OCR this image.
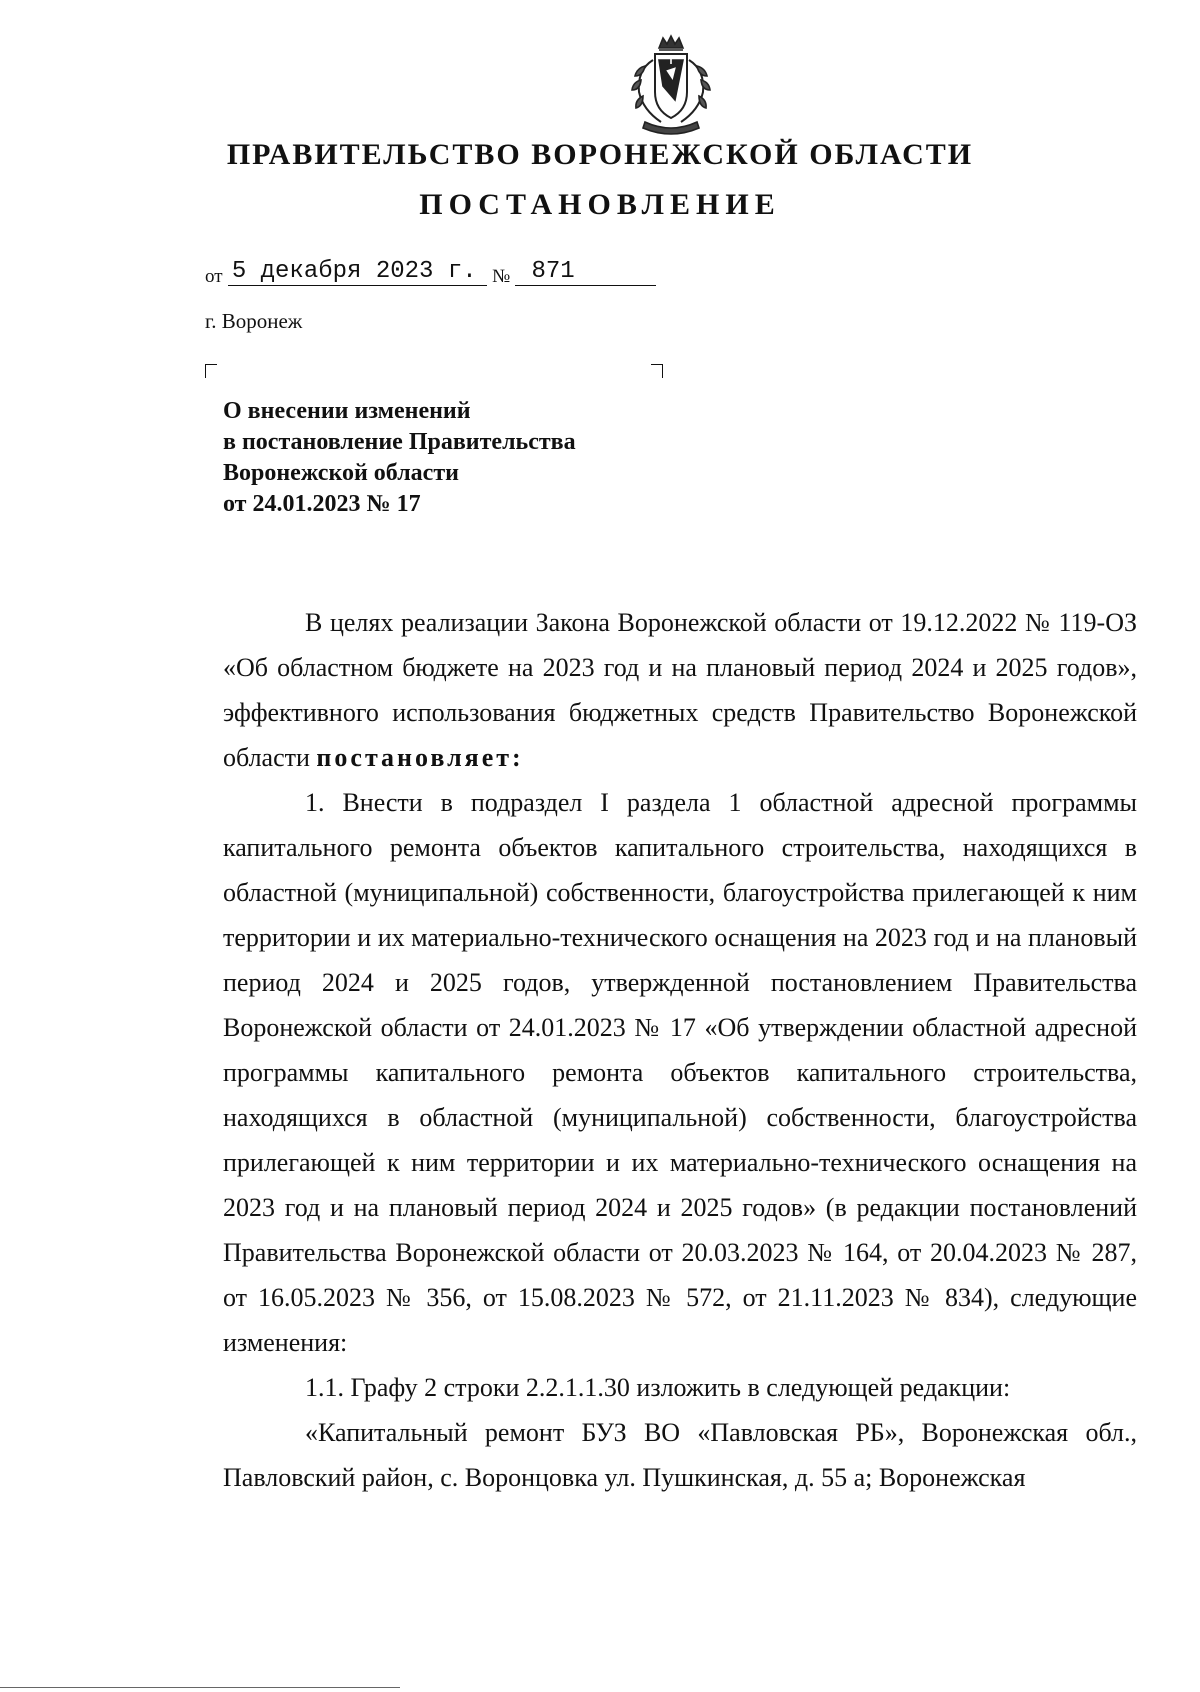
ПРАВИТЕЛЬСТВО ВОРОНЕЖСКОЙ ОБЛАСТИ
ПОСТАНОВЛЕНИЕ
от 5 декабря 2023 г. № 871
г. Воронеж
О внесении изменений
в постановление Правительства
Воронежской области
от 24.01.2023 № 17

В целях реализации Закона Воронежской области от 19.12.2022 № 119-ОЗ «Об областном бюджете на 2023 год и на плановый период 2024 и 2025 годов», эффективного использования бюджетных средств Правительство Воронежской области постановляет:

1. Внести в подраздел I раздела 1 областной адресной программы капитального ремонта объектов капитального строительства, находящихся в областной (муниципальной) собственности, благоустройства прилегающей к ним территории и их материально-технического оснащения на 2023 год и на плановый период 2024 и 2025 годов, утвержденной постановлением Правительства Воронежской области от 24.01.2023 № 17 «Об утверждении областной адресной программы капитального ремонта объектов капитального строительства, находящихся в областной (муниципальной) собственности, благоустройства прилегающей к ним территории и их материально-технического оснащения на 2023 год и на плановый период 2024 и 2025 годов» (в редакции постановлений Правительства Воронежской области от 20.03.2023 № 164, от 20.04.2023 № 287, от 16.05.2023 № 356, от 15.08.2023 № 572, от 21.11.2023 № 834), следующие изменения:

1.1. Графу 2 строки 2.2.1.1.30 изложить в следующей редакции:

«Капитальный ремонт БУЗ ВО «Павловская РБ», Воронежская обл., Павловский район, с. Воронцовка ул. Пушкинская, д. 55 а; Воронежская
